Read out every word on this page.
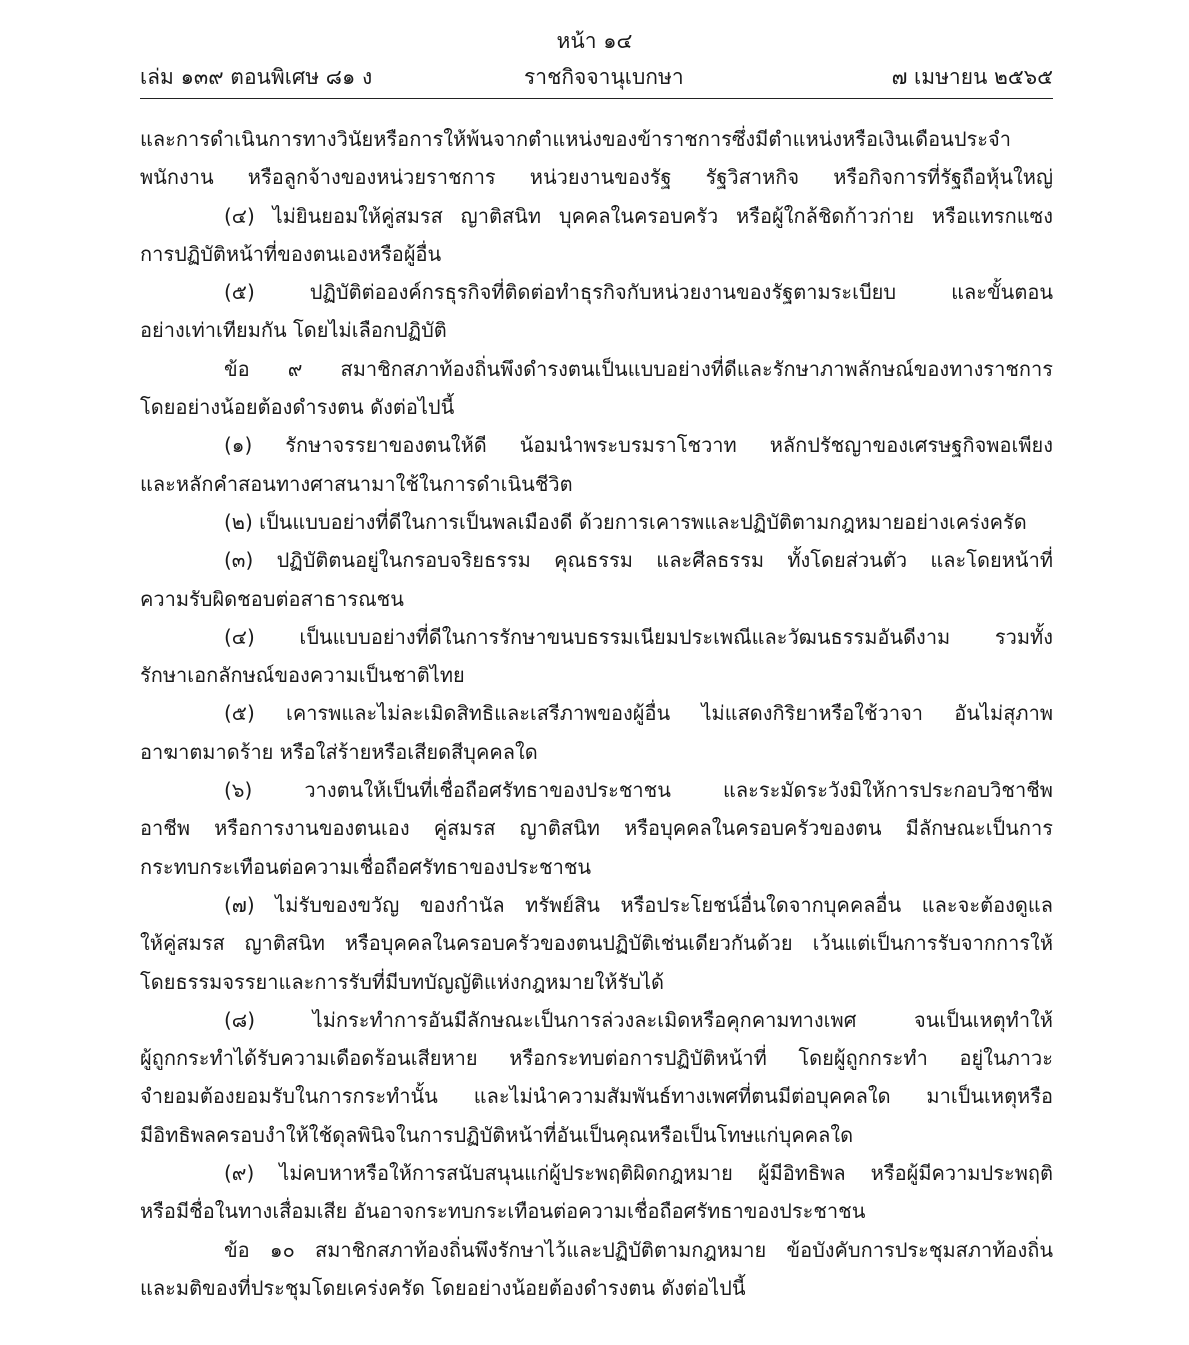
หน้า ๑๔
เล่ม ๑๓๙ ตอนพิเศษ ๘๑ ง	ราชกิจจานุเบกษา	๗ เมษายน ๒๕๖๕
และการดำเนินการทางวินัยหรือการให้พ้นจากตำแหน่งของข้าราชการซึ่งมีตำแหน่งหรือเงินเดือนประจำ
พนักงาน หรือลูกจ้างของหน่วยราชการ หน่วยงานของรัฐ รัฐวิสาหกิจ หรือกิจการที่รัฐถือหุ้นใหญ่
(๔) ไม่ยินยอมให้คู่สมรส ญาติสนิท บุคคลในครอบครัว หรือผู้ใกล้ชิดก้าวก่าย หรือแทรกแซง
การปฏิบัติหน้าที่ของตนเองหรือผู้อื่น
(๕) ปฏิบัติต่อองค์กรธุรกิจที่ติดต่อทำธุรกิจกับหน่วยงานของรัฐตามระเบียบ และขั้นตอน
อย่างเท่าเทียมกัน โดยไม่เลือกปฏิบัติ
ข้อ ๙ สมาชิกสภาท้องถิ่นพึงดำรงตนเป็นแบบอย่างที่ดีและรักษาภาพลักษณ์ของทางราชการ
โดยอย่างน้อยต้องดำรงตน ดังต่อไปนี้
(๑) รักษาจรรยาของตนให้ดี น้อมนำพระบรมราโชวาท หลักปรัชญาของเศรษฐกิจพอเพียง
และหลักคำสอนทางศาสนามาใช้ในการดำเนินชีวิต
(๒) เป็นแบบอย่างที่ดีในการเป็นพลเมืองดี ด้วยการเคารพและปฏิบัติตามกฎหมายอย่างเคร่งครัด
(๓) ปฏิบัติตนอยู่ในกรอบจริยธรรม คุณธรรม และศีลธรรม ทั้งโดยส่วนตัว และโดยหน้าที่
ความรับผิดชอบต่อสาธารณชน
(๔) เป็นแบบอย่างที่ดีในการรักษาขนบธรรมเนียมประเพณีและวัฒนธรรมอันดีงาม รวมทั้ง
รักษาเอกลักษณ์ของความเป็นชาติไทย
(๕) เคารพและไม่ละเมิดสิทธิและเสรีภาพของผู้อื่น ไม่แสดงกิริยาหรือใช้วาจา อันไม่สุภาพ
อาฆาตมาดร้าย หรือใส่ร้ายหรือเสียดสีบุคคลใด
(๖) วางตนให้เป็นที่เชื่อถือศรัทธาของประชาชน และระมัดระวังมิให้การประกอบวิชาชีพ
อาชีพ หรือการงานของตนเอง คู่สมรส ญาติสนิท หรือบุคคลในครอบครัวของตน มีลักษณะเป็นการ
กระทบกระเทือนต่อความเชื่อถือศรัทธาของประชาชน
(๗) ไม่รับของขวัญ ของกำนัล ทรัพย์สิน หรือประโยชน์อื่นใดจากบุคคลอื่น และจะต้องดูแล
ให้คู่สมรส ญาติสนิท หรือบุคคลในครอบครัวของตนปฏิบัติเช่นเดียวกันด้วย เว้นแต่เป็นการรับจากการให้
โดยธรรมจรรยาและการรับที่มีบทบัญญัติแห่งกฎหมายให้รับได้
(๘) ไม่กระทำการอันมีลักษณะเป็นการล่วงละเมิดหรือคุกคามทางเพศ จนเป็นเหตุทำให้
ผู้ถูกกระทำได้รับความเดือดร้อนเสียหาย หรือกระทบต่อการปฏิบัติหน้าที่ โดยผู้ถูกกระทำ อยู่ในภาวะ
จำยอมต้องยอมรับในการกระทำนั้น และไม่นำความสัมพันธ์ทางเพศที่ตนมีต่อบุคคลใด มาเป็นเหตุหรือ
มีอิทธิพลครอบงำให้ใช้ดุลพินิจในการปฏิบัติหน้าที่อันเป็นคุณหรือเป็นโทษแก่บุคคลใด
(๙) ไม่คบหาหรือให้การสนับสนุนแก่ผู้ประพฤติผิดกฎหมาย ผู้มีอิทธิพล หรือผู้มีความประพฤติ
หรือมีชื่อในทางเสื่อมเสีย อันอาจกระทบกระเทือนต่อความเชื่อถือศรัทธาของประชาชน
ข้อ ๑๐ สมาชิกสภาท้องถิ่นพึงรักษาไว้และปฏิบัติตามกฎหมาย ข้อบังคับการประชุมสภาท้องถิ่น
และมติของที่ประชุมโดยเคร่งครัด โดยอย่างน้อยต้องดำรงตน ดังต่อไปนี้
